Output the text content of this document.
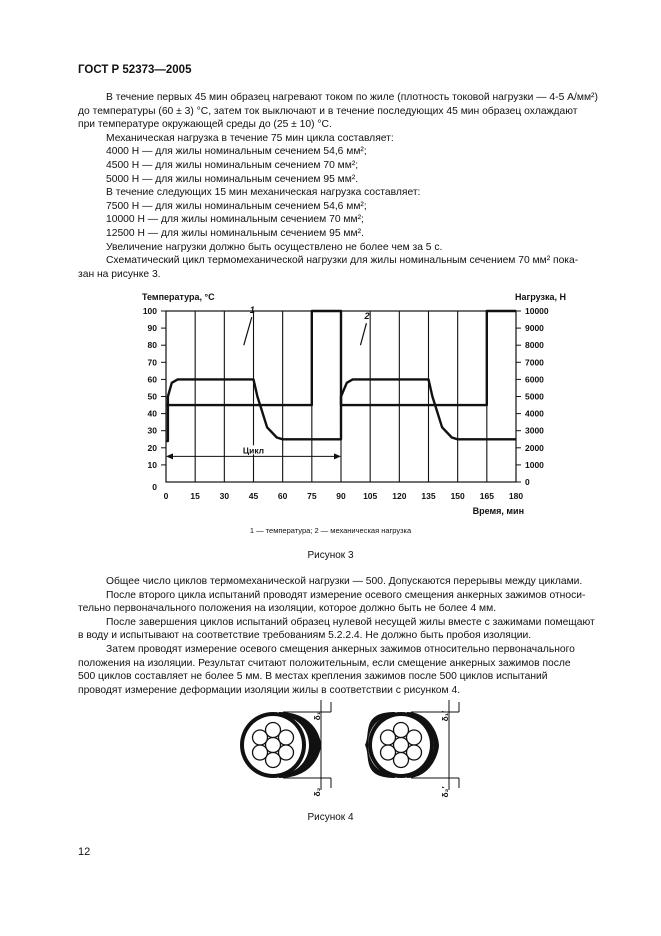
ГОСТ Р 52373—2005

В течение первых 45 мин образец нагревают током по жиле (плотность токовой нагрузки — 4-5 А/мм²)

до температуры (60 ± 3) °С, затем ток выключают и в течение последующих 45 мин образец охлаждают

при температуре окружающей среды до (25 ± 10) °С.

Механическая нагрузка в течение 75 мин цикла составляет:

4000 Н — для жилы номинальным сечением 54,6 мм²;

4500 Н — для жилы номинальным сечением 70 мм²;

5000 Н — для жилы номинальным сечением 95 мм².

В течение следующих 15 мин механическая нагрузка составляет:

7500 Н — для жилы номинальным сечением 54,6 мм²;

10000 Н — для жилы номинальным сечением 70 мм²;

12500 Н — для жилы номинальным сечением 95 мм².

Увеличение нагрузки должно быть осуществлено не более чем за 5 с.

Схематический цикл термомеханической нагрузки для жилы номинальным сечением 70 мм² пока-

зан на рисунке 3.

0	15 30 45 60 75 90 105 120 135 150 165 180
0
10
20
30
40
50
60
70
80
90
100
0
1000
2000
3000
4000
5000
6000
7000
8000
9000
10000
Температура, °С	Нагрузка, Н
Время, мин
1
2
Цикл
1 — температура; 2 — механическая нагрузка
Рисунок 3

Общее число циклов термомеханической нагрузки — 500. Допускаются перерывы между циклами.

После второго цикла испытаний проводят измерение осевого смещения анкерных зажимов относи-

тельно первоначального положения на изоляции, которое должно быть не более 4 мм.

После завершения циклов испытаний образец нулевой несущей жилы вместе с зажимами помещают

в воду и испытывают на соответствие требованиям 5.2.2.4. Не должно быть пробоя изоляции.

Затем проводят измерение осевого смещения анкерных зажимов относительно первоначального

положения на изоляции. Результат считают положительным, если смещение анкерных зажимов после

500 циклов составляет не более 5 мм. В местах крепления зажимов после 500 циклов испытаний

проводят измерение деформации изоляции жилы в соответствии с рисунком 4.

δ₁
δ₂
δ₁′
δ₂′
Рисунок 4
12
